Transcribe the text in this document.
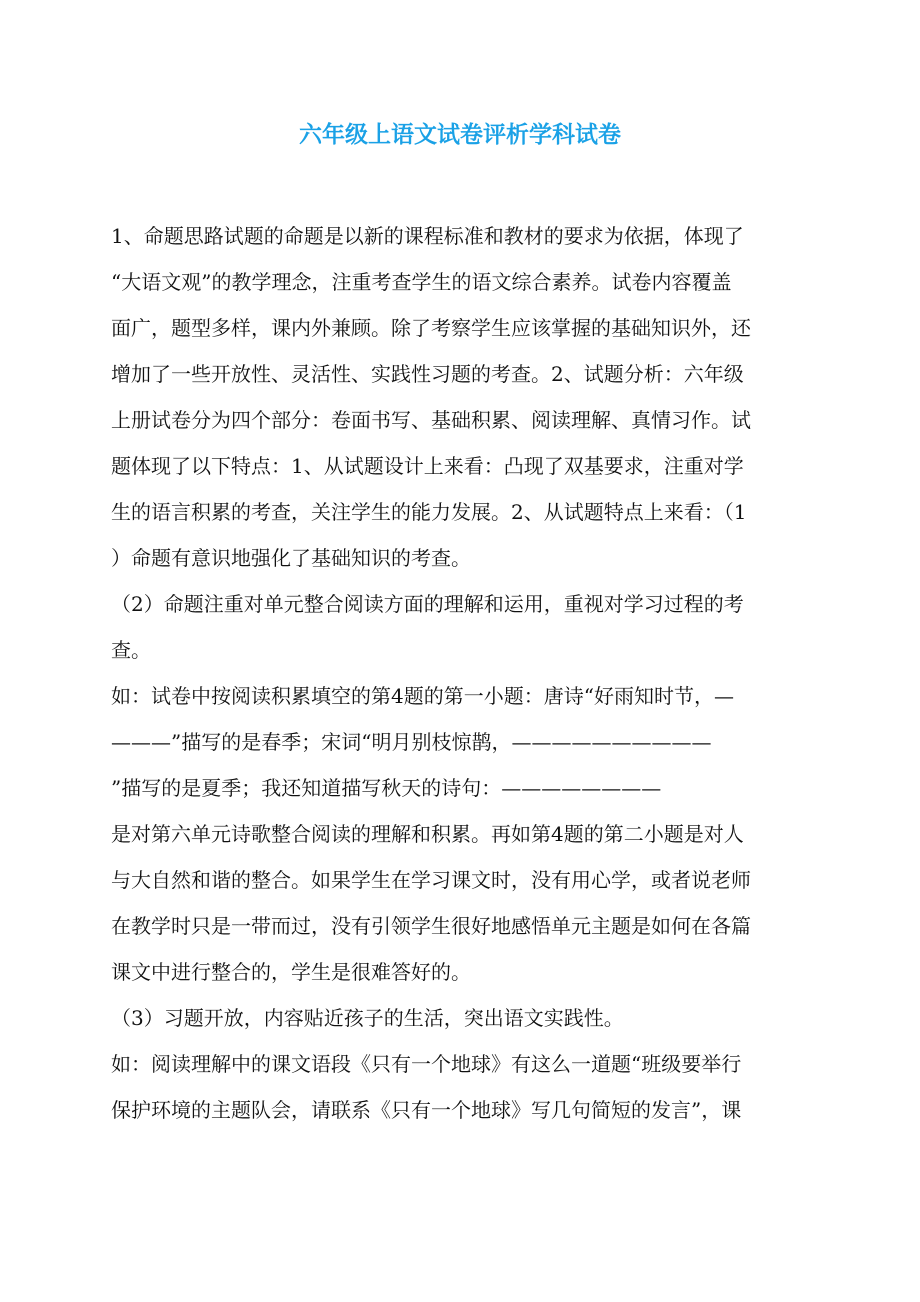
六年级上语文试卷评析学科试卷
1、命题思路试题的命题是以新的课程标准和教材的要求为依据，体现了
“大语文观”的教学理念，注重考查学生的语文综合素养。试卷内容覆盖
面广，题型多样，课内外兼顾。除了考察学生应该掌握的基础知识外，还
增加了一些开放性、灵活性、实践性习题的考查。2、试题分析：六年级
上册试卷分为四个部分：卷面书写、基础积累、阅读理解、真情习作。试
题体现了以下特点：1、从试题设计上来看：凸现了双基要求，注重对学
生的语言积累的考查，关注学生的能力发展。2、从试题特点上来看：（1
）命题有意识地强化了基础知识的考查。
（2）命题注重对单元整合阅读方面的理解和运用，重视对学习过程的考
查。
如：试卷中按阅读积累填空的第4题的第一小题：唐诗“好雨知时节，—
———”描写的是春季；宋词“明月别枝惊鹊，——————————
”描写的是夏季；我还知道描写秋天的诗句：————————
是对第六单元诗歌整合阅读的理解和积累。再如第4题的第二小题是对人
与大自然和谐的整合。如果学生在学习课文时，没有用心学，或者说老师
在教学时只是一带而过，没有引领学生很好地感悟单元主题是如何在各篇
课文中进行整合的，学生是很难答好的。
（3）习题开放，内容贴近孩子的生活，突出语文实践性。
如：阅读理解中的课文语段《只有一个地球》有这么一道题“班级要举行
保护环境的主题队会，请联系《只有一个地球》写几句简短的发言”，课
